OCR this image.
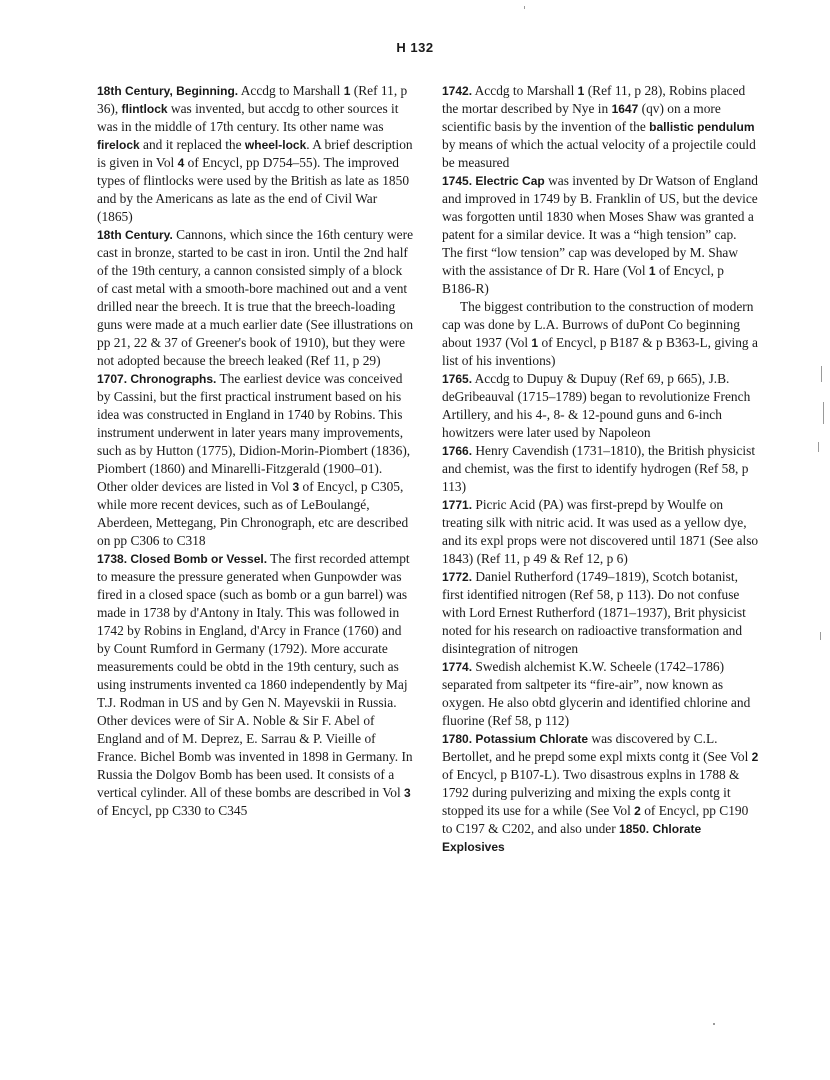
H 132

18th Century, Beginning. Accdg to Marshall 1 (Ref 11, p 36), flintlock was invented, but accdg to other sources it was in the middle of 17th century. Its other name was firelock and it replaced the wheel-lock. A brief description is given in Vol 4 of Encycl, pp D754–55). The improved types of flintlocks were used by the British as late as 1850 and by the Americans as late as the end of Civil War (1865)

18th Century. Cannons, which since the 16th century were cast in bronze, started to be cast in iron. Until the 2nd half of the 19th century, a cannon consisted simply of a block of cast metal with a smooth-bore machined out and a vent drilled near the breech. It is true that the breech-loading guns were made at a much earlier date (See illustrations on pp 21, 22 & 37 of Greener's book of 1910), but they were not adopted because the breech leaked (Ref 11, p 29)

1707. Chronographs. The earliest device was conceived by Cassini, but the first practical instrument based on his idea was constructed in England in 1740 by Robins. This instrument underwent in later years many improvements, such as by Hutton (1775), Didion-Morin-Piombert (1836), Piombert (1860) and Minarelli-Fitzgerald (1900–01). Other older devices are listed in Vol 3 of Encycl, p C305, while more recent devices, such as of LeBoulangé, Aberdeen, Mettegang, Pin Chronograph, etc are described on pp C306 to C318

1738. Closed Bomb or Vessel. The first recorded attempt to measure the pressure generated when Gunpowder was fired in a closed space (such as bomb or a gun barrel) was made in 1738 by d'Antony in Italy. This was followed in 1742 by Robins in England, d'Arcy in France (1760) and by Count Rumford in Germany (1792). More accurate measurements could be obtd in the 19th century, such as using instruments invented ca 1860 independently by Maj T.J. Rodman in US and by Gen N. Mayevskii in Russia. Other devices were of Sir A. Noble & Sir F. Abel of England and of M. Deprez, E. Sarrau & P. Vieille of France. Bichel Bomb was invented in 1898 in Germany. In Russia the Dolgov Bomb has been used. It consists of a vertical cylinder. All of these bombs are described in Vol 3 of Encycl, pp C330 to C345

1742. Accdg to Marshall 1 (Ref 11, p 28), Robins placed the mortar described by Nye in 1647 (qv) on a more scientific basis by the invention of the ballistic pendulum by means of which the actual velocity of a projectile could be measured

1745. Electric Cap was invented by Dr Watson of England and improved in 1749 by B. Franklin of US, but the device was forgotten until 1830 when Moses Shaw was granted a patent for a similar device. It was a “high tension” cap. The first “low tension” cap was developed by M. Shaw with the assistance of Dr R. Hare (Vol 1 of Encycl, p B186-R)

The biggest contribution to the construction of modern cap was done by L.A. Burrows of duPont Co beginning about 1937 (Vol 1 of Encycl, p B187 & p B363-L, giving a list of his inventions)

1765. Accdg to Dupuy & Dupuy (Ref 69, p 665), J.B. deGribeauval (1715–1789) began to revolutionize French Artillery, and his 4-, 8- & 12-pound guns and 6-inch howitzers were later used by Napoleon

1766. Henry Cavendish (1731–1810), the British physicist and chemist, was the first to identify hydrogen (Ref 58, p 113)

1771. Picric Acid (PA) was first-prepd by Woulfe on treating silk with nitric acid. It was used as a yellow dye, and its expl props were not discovered until 1871 (See also 1843) (Ref 11, p 49 & Ref 12, p 6)

1772. Daniel Rutherford (1749–1819), Scotch botanist, first identified nitrogen (Ref 58, p 113). Do not confuse with Lord Ernest Rutherford (1871–1937), Brit physicist noted for his research on radioactive transformation and disintegration of nitrogen

1774. Swedish alchemist K.W. Scheele (1742–1786) separated from saltpeter its “fire-air”, now known as oxygen. He also obtd glycerin and identified chlorine and fluorine (Ref 58, p 112)

1780. Potassium Chlorate was discovered by C.L. Bertollet, and he prepd some expl mixts contg it (See Vol 2 of Encycl, p B107-L). Two disastrous explns in 1788 & 1792 during pulverizing and mixing the expls contg it stopped its use for a while (See Vol 2 of Encycl, pp C190 to C197 & C202, and also under 1850. Chlorate Explosives
